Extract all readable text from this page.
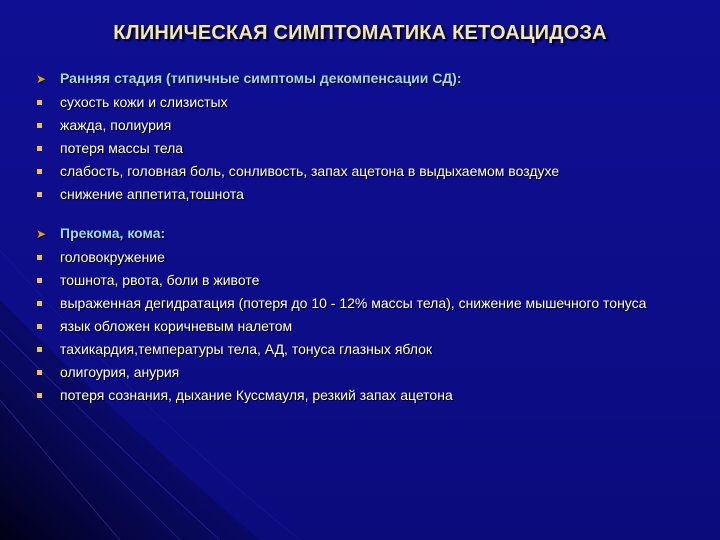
КЛИНИЧЕСКАЯ СИМПТОМАТИКА КЕТОАЦИДОЗА
➤ Ранняя стадия (типичные симптомы декомпенсации СД):
сухость кожи и слизистых
жажда, полиурия
потеря массы тела
слабость, головная боль, сонливость, запах ацетона в выдыхаемом воздухе
снижение аппетита,тошнота
➤ Прекома, кома:
головокружение
тошнота, рвота, боли в животе
выраженная дегидратация (потеря до 10 - 12% массы тела), снижение мышечного тонуса
язык обложен коричневым налетом
тахикардия,температуры тела, АД, тонуса глазных яблок
олигоурия, анурия
потеря сознания, дыхание Куссмауля, резкий запах ацетона
